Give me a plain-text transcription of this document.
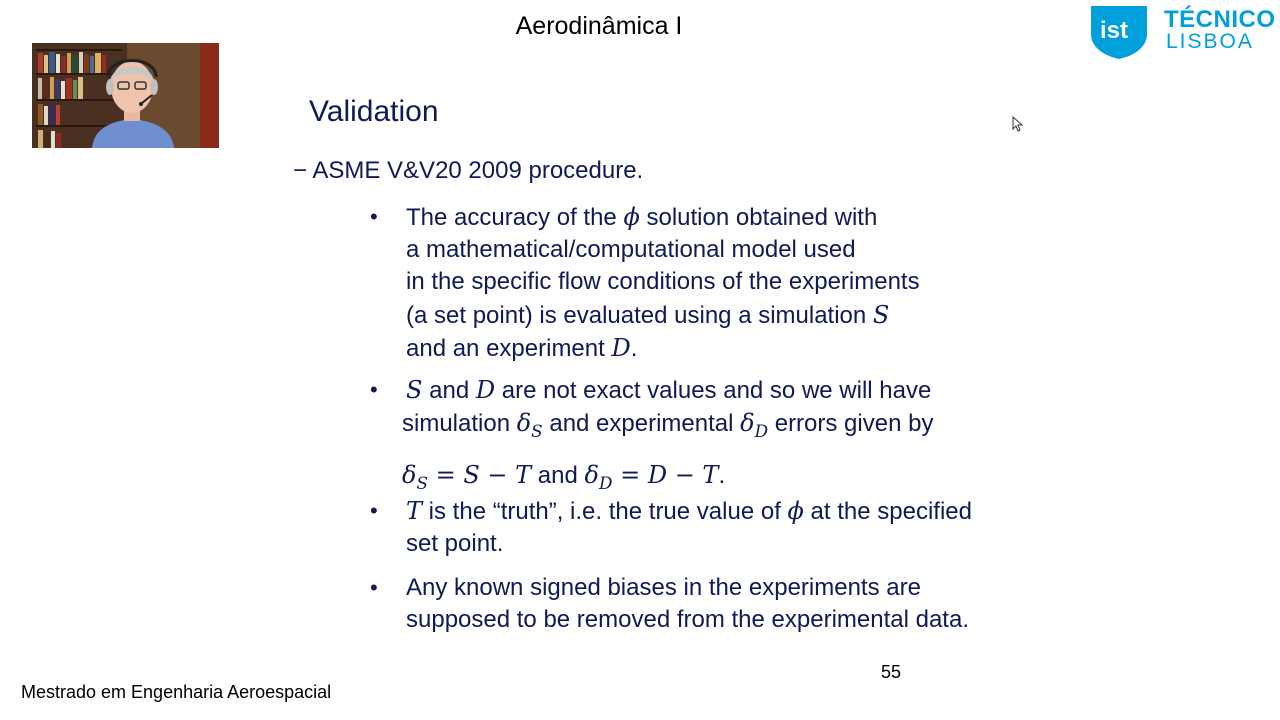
Aerodinâmica I	ist TÉCNICO
LISBOA
Validation
− ASME V&V20 2009 procedure.
• The accuracy of the ϕ solution obtained with
a mathematical/computational model used
in the specific flow conditions of the experiments
(a set point) is evaluated using a simulation S
and an experiment D.
• S and D are not exact values and so we will have
simulation $\delta_S$ and experimental $\delta_D$ errors given by
$\delta_S = S - T$ and $\delta_D = D - T$.
• T is the “truth”, i.e. the true value of ϕ at the specified
set point.
• Any known signed biases in the experiments are
supposed to be removed from the experimental data.
55
Mestrado em Engenharia Aeroespacial
